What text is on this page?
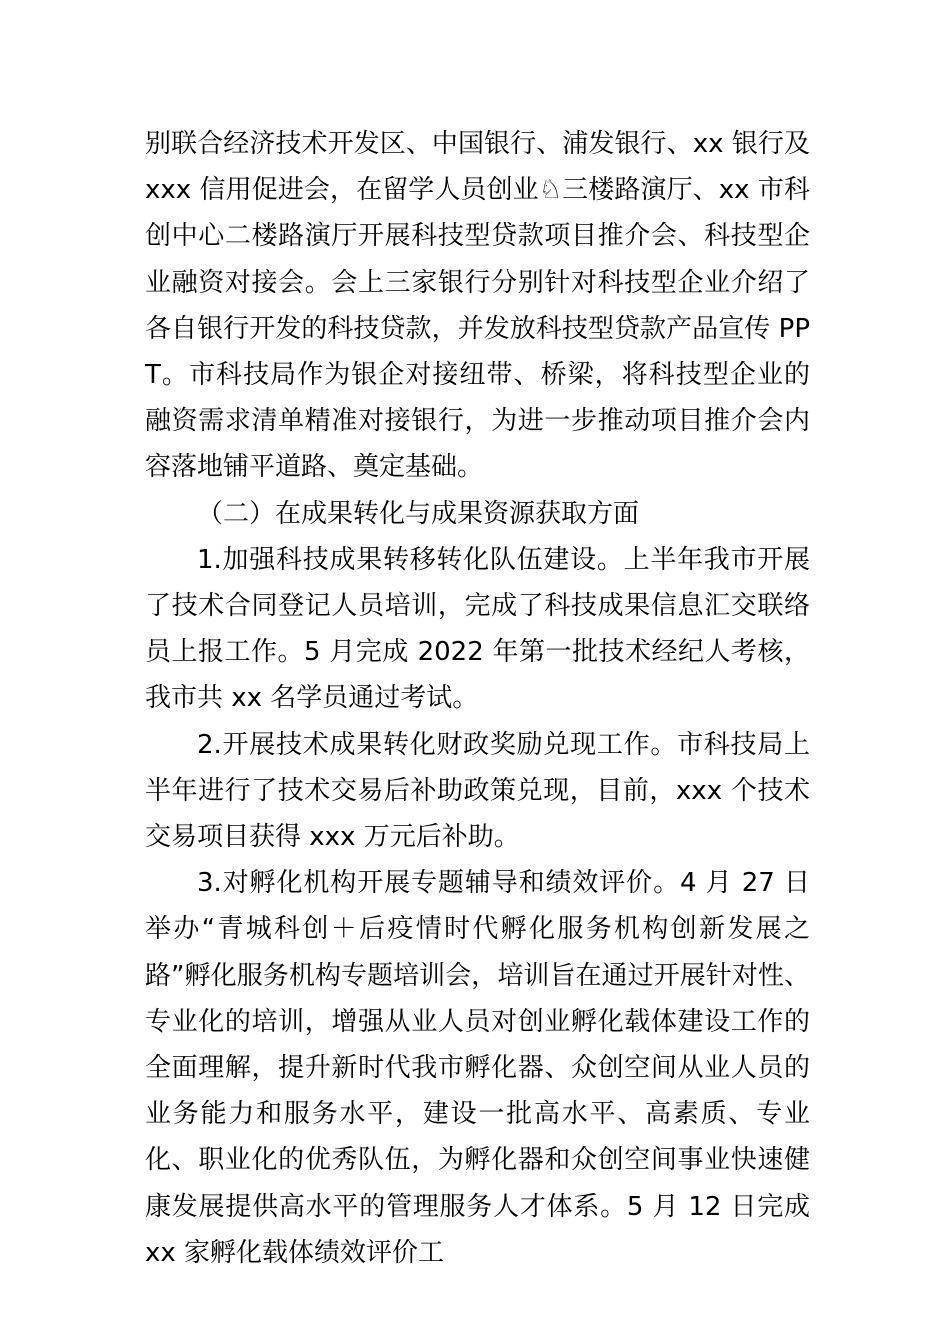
别联合经济技术开发区、中国银行、浦发银行、xx 银行及 xxx 信用促进会，在留学人员创业♘三楼路演厅、xx 市科创中心二楼路演厅开展科技型贷款项目推介会、科技型企业融资对接会。会上三家银行分别针对科技型企业介绍了各自银行开发的科技贷款，并发放科技型贷款产品宣传 PPT。市科技局作为银企对接纽带、桥梁，将科技型企业的融资需求清单精准对接银行，为进一步推动项目推介会内容落地铺平道路、奠定基础。

（二）在成果转化与成果资源获取方面

1.加强科技成果转移转化队伍建设。上半年我市开展了技术合同登记人员培训，完成了科技成果信息汇交联络员上报工作。5 月完成 2022 年第一批技术经纪人考核，我市共 xx 名学员通过考试。

2.开展技术成果转化财政奖励兑现工作。市科技局上半年进行了技术交易后补助政策兑现，目前，xxx 个技术交易项目获得 xxx 万元后补助。

3.对孵化机构开展专题辅导和绩效评价。4 月 27 日举办“青城科创＋后疫情时代孵化服务机构创新发展之路”孵化服务机构专题培训会，培训旨在通过开展针对性、专业化的培训，增强从业人员对创业孵化载体建设工作的全面理解，提升新时代我市孵化器、众创空间从业人员的业务能力和服务水平，建设一批高水平、高素质、专业化、职业化的优秀队伍，为孵化器和众创空间事业快速健康发展提供高水平的管理服务人才体系。5 月 12 日完成 xx 家孵化载体绩效评价工
